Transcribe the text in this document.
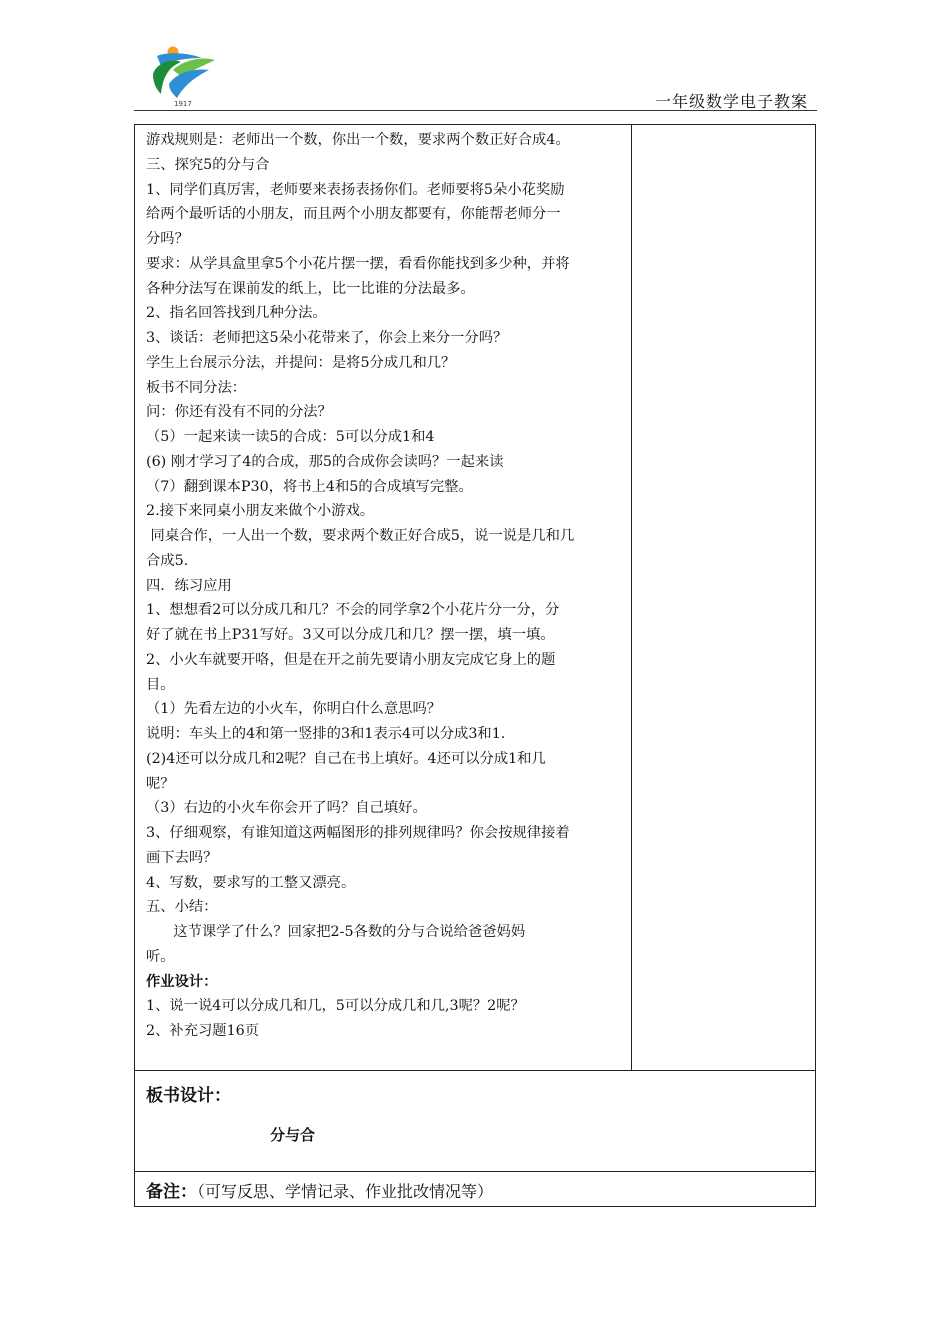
1917	一年级数学电子教案
游戏规则是：老师出一个数，你出一个数，要求两个数正好合成4。
三、探究5的分与合
1、同学们真厉害，老师要来表扬表扬你们。老师要将5朵小花奖励
给两个最听话的小朋友，而且两个小朋友都要有，你能帮老师分一
分吗？
要求：从学具盒里拿5个小花片摆一摆，看看你能找到多少种，并将
各种分法写在课前发的纸上，比一比谁的分法最多。
2、指名回答找到几种分法。
3、谈话：老师把这5朵小花带来了，你会上来分一分吗？
学生上台展示分法，并提问：是将5分成几和几？
板书不同分法：
问：你还有没有不同的分法？
（5）一起来读一读5的合成：5可以分成1和4
(6) 刚才学习了4的合成，那5的合成你会读吗？一起来读
（7）翻到课本P30，将书上4和5的合成填写完整。
2.接下来同桌小朋友来做个小游戏。
同桌合作，一人出一个数，要求两个数正好合成5，说一说是几和几
合成5.
四．练习应用
1、想想看2可以分成几和几？不会的同学拿2个小花片分一分，分
好了就在书上P31写好。3又可以分成几和几？摆一摆，填一填。
2、小火车就要开咯，但是在开之前先要请小朋友完成它身上的题
目。
（1）先看左边的小火车，你明白什么意思吗？
说明：车头上的4和第一竖排的3和1表示4可以分成3和1.
(2)4还可以分成几和2呢？自己在书上填好。4还可以分成1和几
呢？
（3）右边的小火车你会开了吗？自己填好。
3、仔细观察，有谁知道这两幅图形的排列规律吗？你会按规律接着
画下去吗？
4、写数，要求写的工整又漂亮。
五、小结：
这节课学了什么？回家把2-5各数的分与合说给爸爸妈妈
听。
作业设计：
1、说一说4可以分成几和几，5可以分成几和几,3呢？2呢？
2、补充习题16页
板书设计：
分与合
备注：（可写反思、学情记录、作业批改情况等）
